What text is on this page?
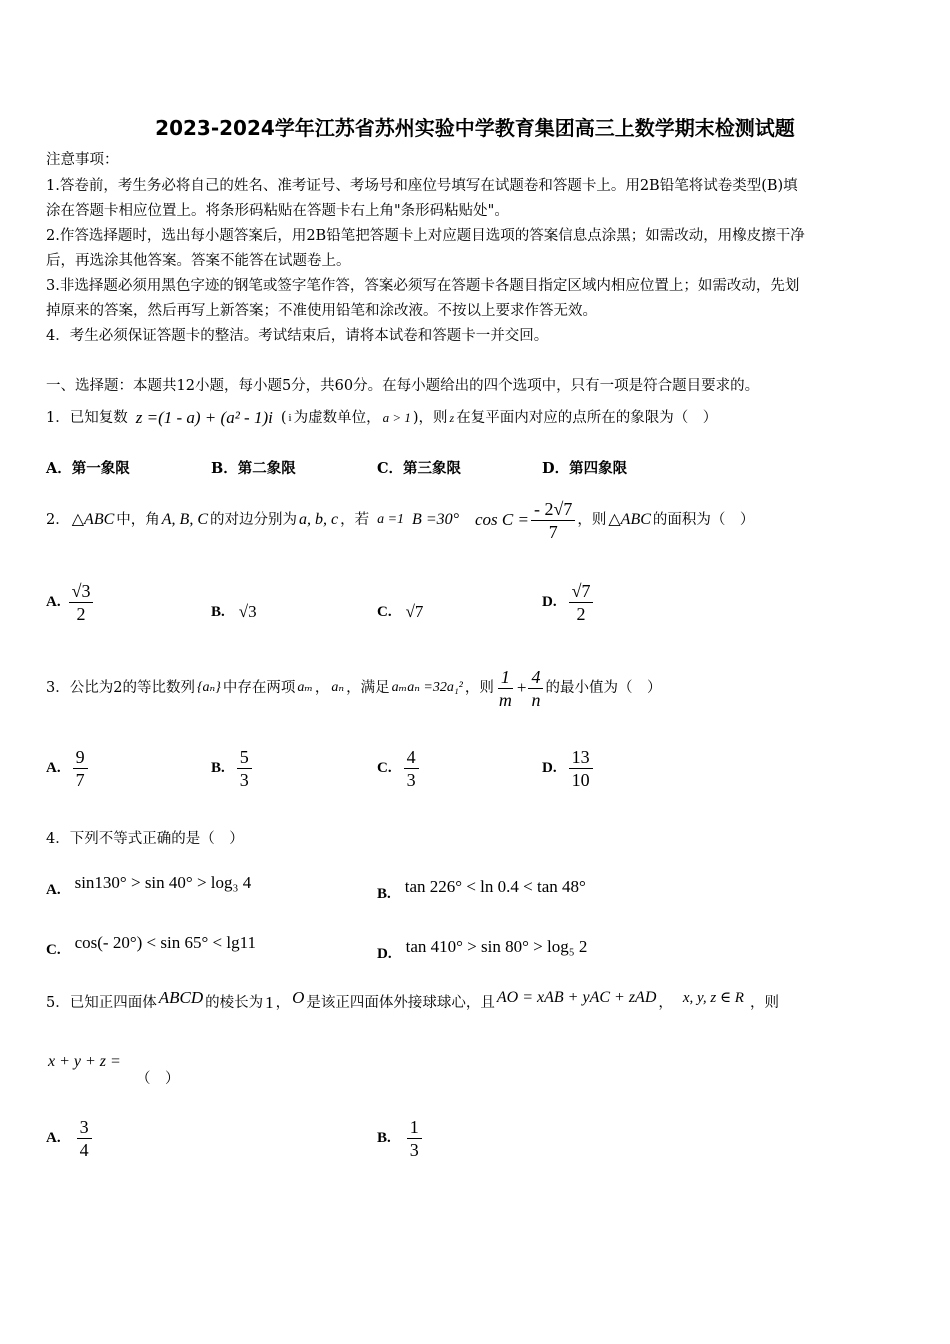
2023-2024学年江苏省苏州实验中学教育集团高三上数学期末检测试题
注意事项：
1.答卷前，考生务必将自己的姓名、准考证号、考场号和座位号填写在试题卷和答题卡上。用2B铅笔将试卷类型(B)填
涂在答题卡相应位置上。将条形码粘贴在答题卡右上角"条形码粘贴处"。
2.作答选择题时，选出每小题答案后，用2B铅笔把答题卡上对应题目选项的答案信息点涂黑；如需改动，用橡皮擦干净
后，再选涂其他答案。答案不能答在试题卷上。
3.非选择题必须用黑色字迹的钢笔或签字笔作答，答案必须写在答题卡各题目指定区域内相应位置上；如需改动，先划
掉原来的答案，然后再写上新答案；不准使用铅笔和涂改液。不按以上要求作答无效。
4．考生必须保证答题卡的整洁。考试结束后，请将本试卷和答题卡一并交回。
一、选择题：本题共12小题，每小题5分，共60分。在每小题给出的四个选项中，只有一项是符合题目要求的。
1．已知复数 z =(1 - a) + (a² - 1)i ( i 为虚数单位， a > 1 )，则 z 在复平面内对应的点所在的象限为（　）
A．第一象限	B．第二象限	C．第三象限	D．第四象限
2． △ABC 中，角 A, B, C 的对边分别为 a, b, c ，若 a =1 B =30° $\cos C = \frac{- 2√7}{7}$ ，则 △ABC 的面积为（　）
A. $\frac{√3}{2}$	B. √3	C. √7	D. $\frac{√7}{2}$
3．公比为2的等比数列 {aₙ} 中存在两项 aₘ ， aₙ ，满足 aₘaₙ =32a₁² ，则 $\frac{1}{m} + \frac{4}{n}$ 的最小值为（　）
A. $\frac{9}{7}$	B. $\frac{5}{3}$	C. $\frac{4}{3}$	D. $\frac{13}{10}$
4．下列不等式正确的是（　）
A. sin130° > sin 40° > log₃ 4
B. tan 226° < ln 0.4 < tan 48°
C. cos(- 20°) < sin 65° < lg11
D. tan 410° > sin 80° > log₅ 2
5．已知正四面体 ABCD 的棱长为 1 ， O 是该正四面体外接球球心，且 AO = xAB + yAC + zAD ， x, y, z ∈ R ，则
x + y + z =
（　）
A. $\frac{3}{4}$	B. $\frac{1}{3}$
